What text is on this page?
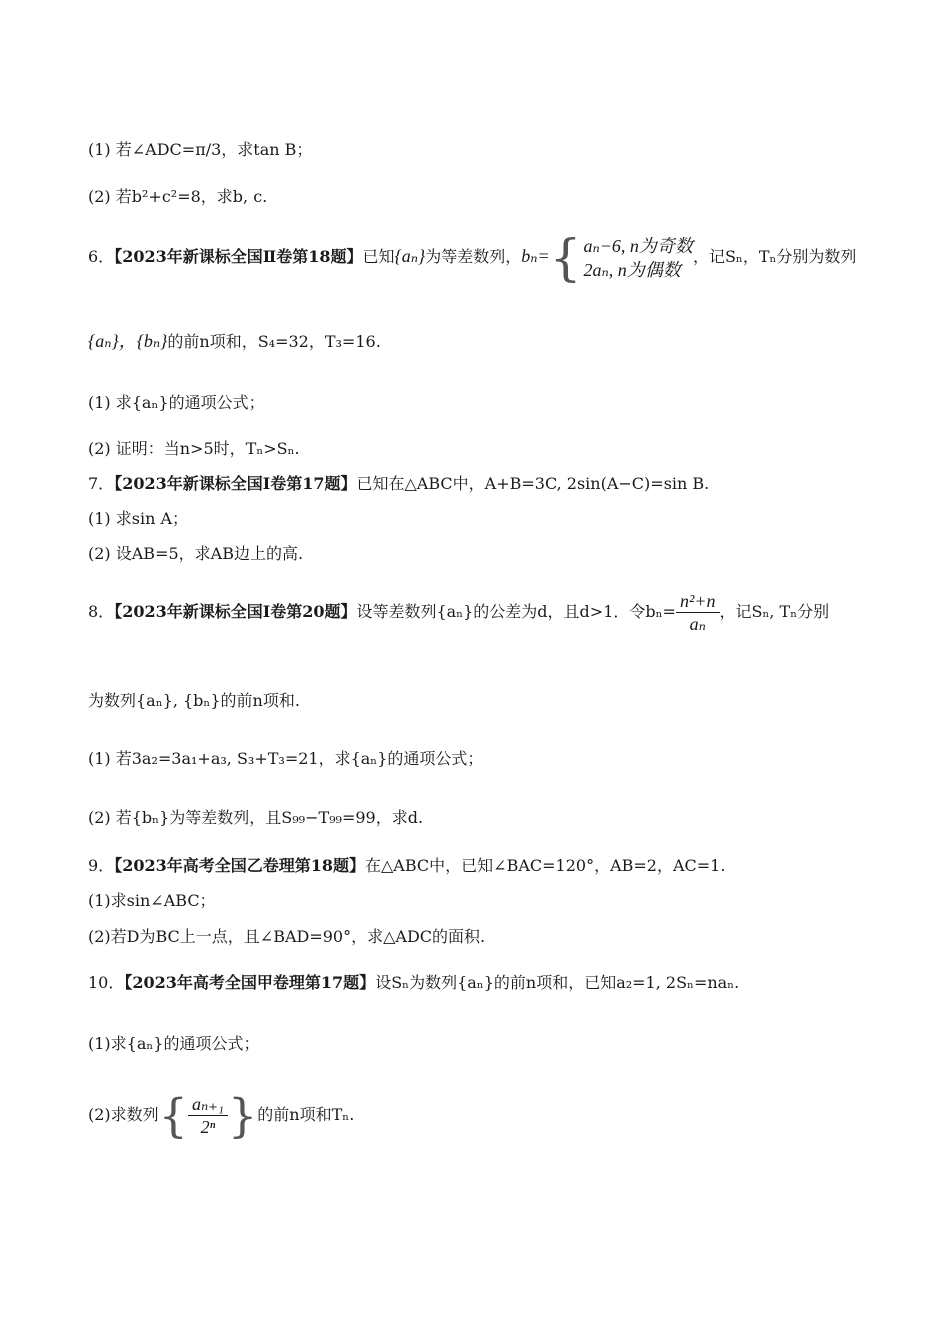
(1) 若∠ADC=π/3，求tan B；
(2) 若b²+c²=8，求b, c.
6．【2023年新课标全国Ⅱ卷第18题】已知{aₙ}为等差数列，bₙ= { aₙ−6, n为奇数
2aₙ, n为偶数
，记Sₙ，Tₙ分别为数列
{aₙ}，{bₙ}的前n项和，S₄=32，T₃=16.
(1) 求{aₙ}的通项公式；
(2) 证明：当n>5时，Tₙ>Sₙ.
7．【2023年新课标全国Ⅰ卷第17题】已知在△ABC中，A+B=3C, 2sin(A−C)=sin B.
(1) 求sin A；
(2) 设AB=5，求AB边上的高.
8．【2023年新课标全国Ⅰ卷第20题】设等差数列{aₙ}的公差为d，且d>1．令$b_n= \frac{\text{n²+n}}{\text{aₙ}}$ ，记Sₙ, Tₙ分别
为数列{aₙ}, {bₙ}的前n项和.
(1) 若3a₂=3a₁+a₃, S₃+T₃=21，求{aₙ}的通项公式；
(2) 若{bₙ}为等差数列，且S₉₉−T₉₉=99，求d.
9．【2023年高考全国乙卷理第18题】在△ABC中，已知∠BAC=120°，AB=2，AC=1.
(1)求sin∠ABC；
(2)若D为BC上一点，且∠BAD=90°，求△ADC的面积.
10．【2023年高考全国甲卷理第17题】设Sₙ为数列{aₙ}的前n项和，已知a₂=1, 2Sₙ=naₙ.
(1)求{aₙ}的通项公式；
(2)求数列{ $\frac{\text{aₙ₊₁}}{\text{2ⁿ}}$ }的前n项和Tₙ.
